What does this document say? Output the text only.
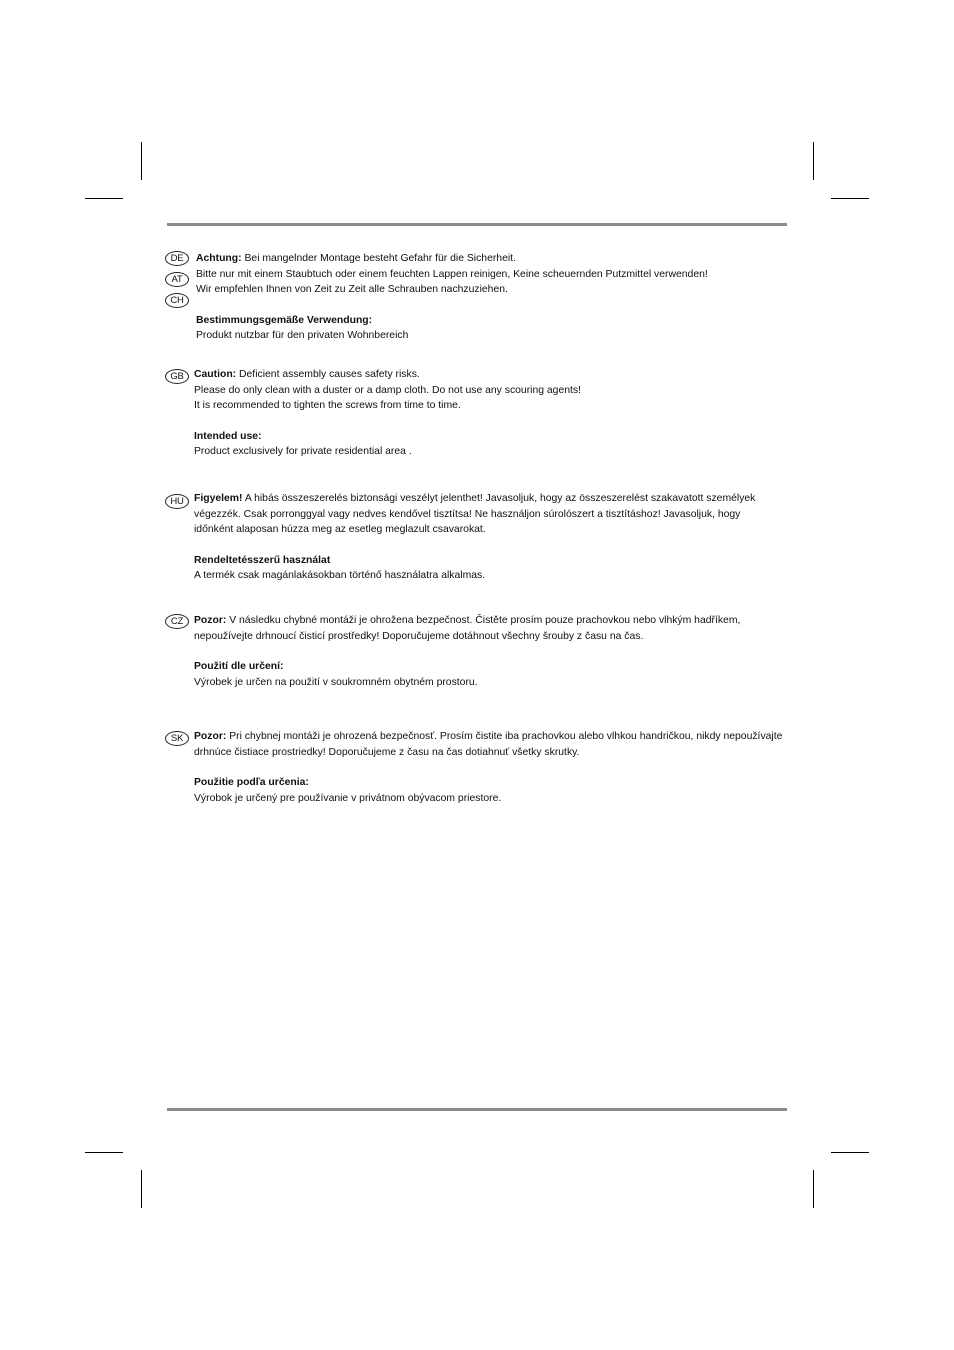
DE
AT
CH

Achtung: Bei mangelnder Montage besteht Gefahr für die Sicherheit.

Bitte nur mit einem Staubtuch oder einem feuchten Lappen reinigen, Keine scheuernden Putzmittel verwenden!

Wir empfehlen Ihnen von Zeit zu Zeit alle Schrauben nachzuziehen.

Bestimmungsgemäße Verwendung:

Produkt nutzbar für den privaten Wohnbereich

GB Caution: Deficient assembly causes safety risks.

Please do only clean with a duster or a damp cloth. Do not use any scouring agents!

It is recommended to tighten the screws from time to time.

Intended use:

Product exclusively for private residential area .

HU Figyelem! A hibás összeszerelés biztonsági veszélyt jelenthet! Javasoljuk, hogy az összeszerelést szakavatott személyek

végezzék. Csak porronggyal vagy nedves kendővel tisztítsa! Ne használjon súrolószert a tisztításhoz! Javasoljuk, hogy

időnként alaposan húzza meg az esetleg meglazult csavarokat.

Rendeltetésszerű használat

A termék csak magánlakásokban történő használatra alkalmas.

CZ	Pozor: V následku chybné montáži je ohrožena bezpečnost. Čistěte prosím pouze prachovkou nebo vlhkým hadříkem,

nepoužívejte drhnoucí čisticí prostředky! Doporučujeme dotáhnout všechny šrouby z času na čas.

Použití dle určení:

Výrobek je určen na použití v soukromném obytném prostoru.

SK	Pozor: Pri chybnej montáži je ohrozená bezpečnosť. Prosím čistite iba prachovkou alebo vlhkou handričkou, nikdy nepoužívajte

drhnúce čistiace prostriedky! Doporučujeme z času na čas dotiahnuť všetky skrutky.

Použitie podľa určenia:

Výrobok je určený pre používanie v privátnom obývacom priestore.
